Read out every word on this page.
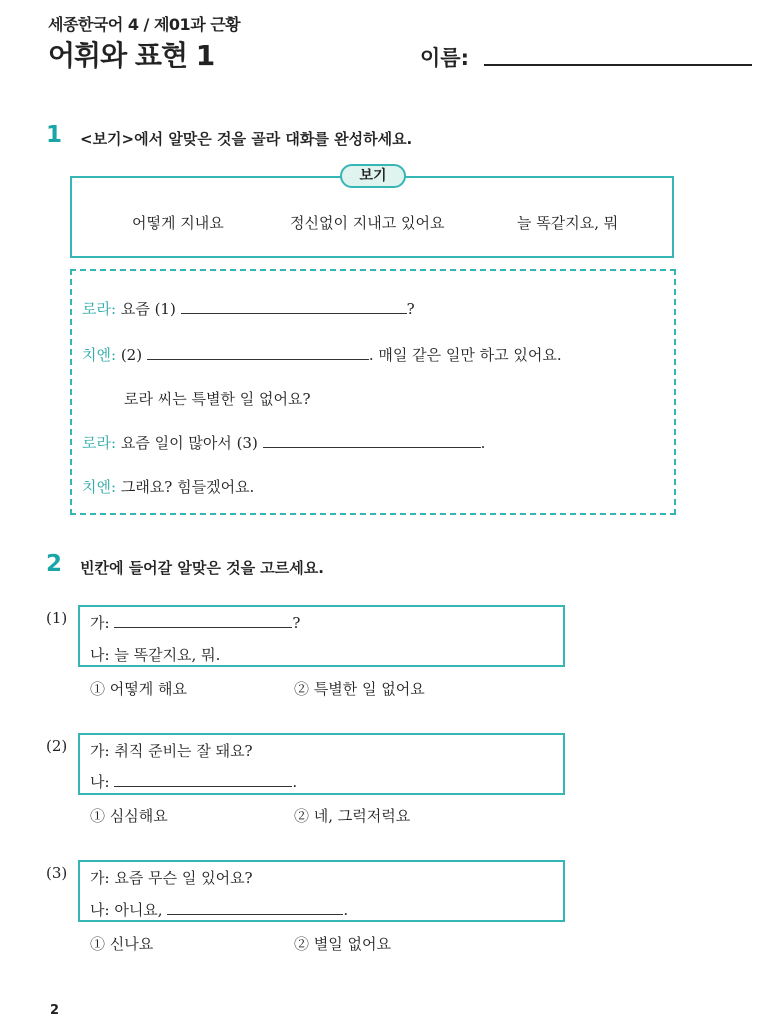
세종한국어 4 / 제01과 근황
어휘와 표현 1	이름:
1 <보기>에서 알맞은 것을 골라 대화를 완성하세요.
보기
어떻게 지내요	정신없이 지내고 있어요	늘 똑같지요, 뭐
로라: 요즘 (1)	?
치엔: (2)	. 매일 같은 일만 하고 있어요.
로라 씨는 특별한 일 없어요?
로라: 요즘 일이 많아서 (3)	.
치엔: 그래요? 힘들겠어요.
2 빈칸에 들어갈 알맞은 것을 고르세요.
(1) 가:	?
나: 늘 똑같지요, 뭐.
① 어떻게 해요	② 특별한 일 없어요
(2) 가: 취직 준비는 잘 돼요?
나:	.
① 심심해요	② 네, 그럭저럭요
(3) 가: 요즘 무슨 일 있어요?
나: 아니요,	.
① 신나요	② 별일 없어요
2
